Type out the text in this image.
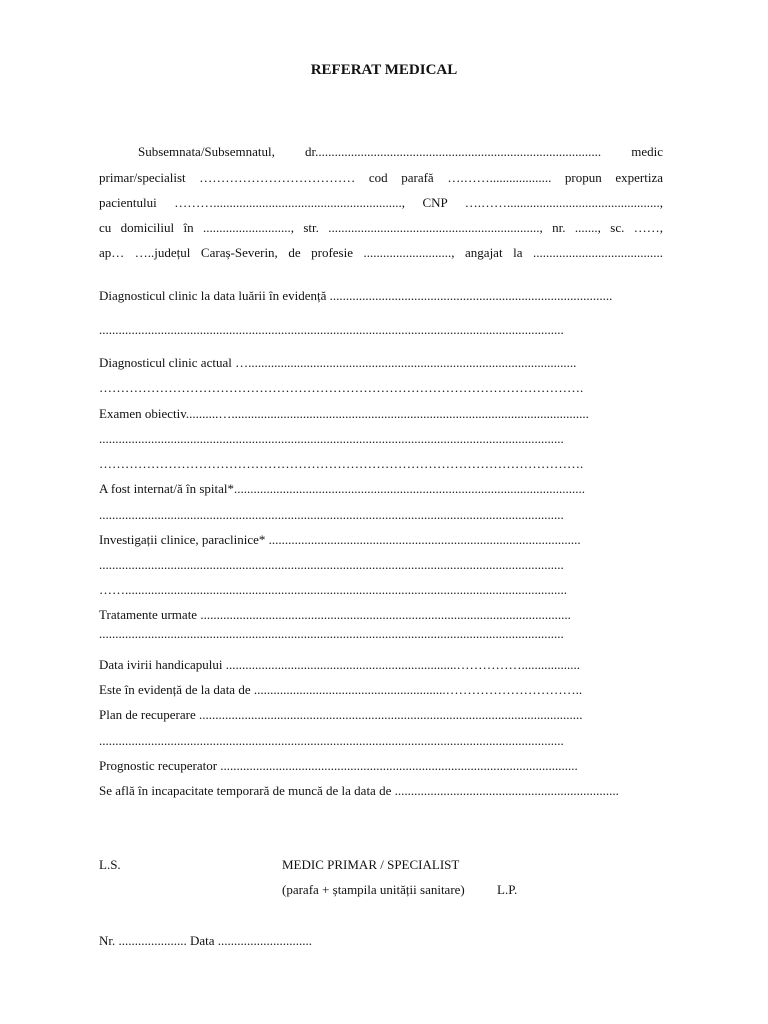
REFERAT MEDICAL
Subsemnata/Subsemnatul, dr........................................................................................ medic
primar/specialist ……………………………… cod parafă ….……................... propun expertiza
pacientului ……….........................................................., CNP ….……...............................................,
cu domiciliul în ..........................., str. ................................................................., nr. ......., sc. ……,
ap… …..județul Caraș-Severin, de profesie ..........................., angajat la ........................................
Diagnosticul clinic la data luării în evidență .......................................................................................
...............................................................................................................................................
Diagnosticul clinic actual ….....................................................................................................
………………………………………………………………………………………………….
Examen obiectiv..........…..............................................................................................................
...............................................................................................................................................
………………………………………………………………………………………………….
A fost internat/ă în spital*............................................................................................................
...............................................................................................................................................
Investigații clinice, paraclinice* ................................................................................................
...............................................................................................................................................
……........................................................................................................................................
Tratamente urmate ..................................................................................................................
...............................................................................................................................................
Data ivirii handicapului .......................................................................……………..................
Este în evidență de la data de ...........................................................…………………………..
Plan de recuperare ......................................................................................................................
...............................................................................................................................................
Prognostic recuperator ..............................................................................................................
Se află în incapacitate temporară de muncă de la data de .....................................................................
L.S.	MEDIC PRIMAR / SPECIALIST
(parafa + ștampila unității sanitare) L.P.
Nr. ..................... Data .............................
